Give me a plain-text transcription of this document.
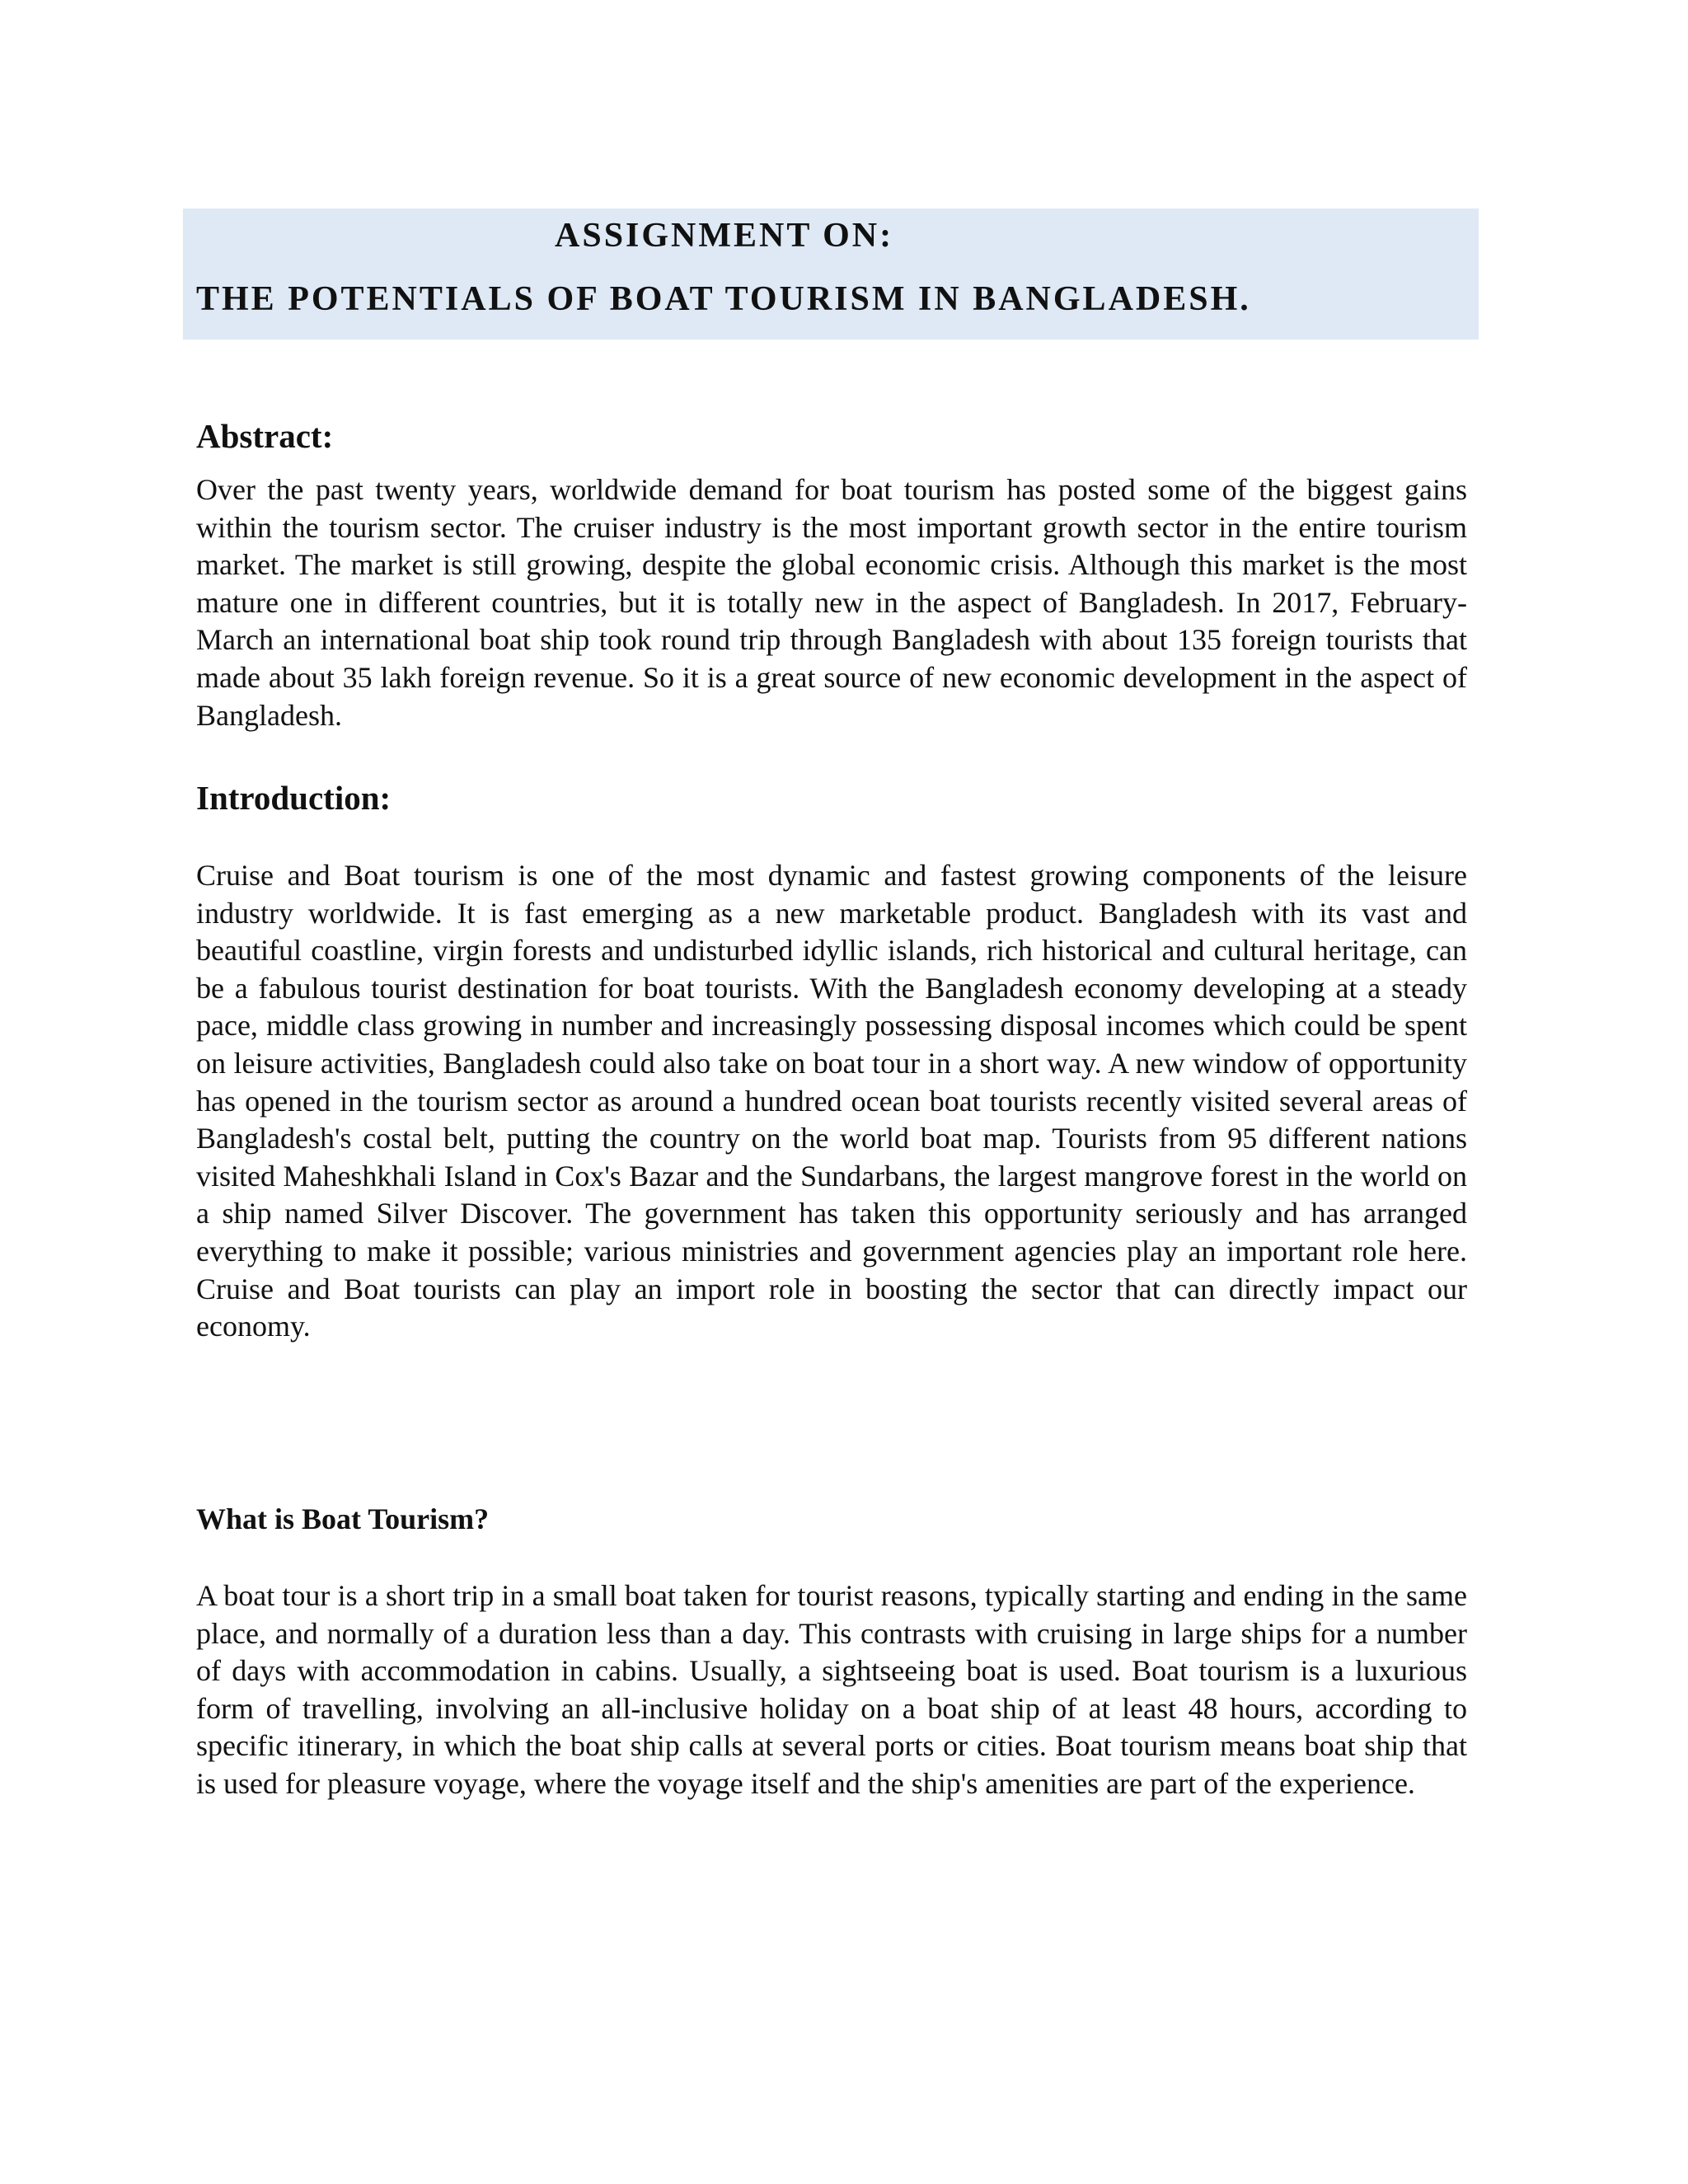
ASSIGNMENT ON:
THE POTENTIALS OF BOAT TOURISM IN BANGLADESH.
Abstract:

Over the past twenty years, worldwide demand for boat tourism has posted some of the biggest gains within the tourism sector. The cruiser industry is the most important growth sector in the entire tourism market. The market is still growing, despite the global economic crisis. Although this market is the most mature one in different countries, but it is totally new in the aspect of Bangladesh. In 2017, February-March an international boat ship took round trip through Bangladesh with about 135 foreign tourists that made about 35 lakh foreign revenue. So it is a great source of new economic development in the aspect of Bangladesh.

Introduction:

Cruise and Boat tourism is one of the most dynamic and fastest growing components of the leisure industry worldwide. It is fast emerging as a new marketable product. Bangladesh with its vast and beautiful coastline, virgin forests and undisturbed idyllic islands, rich historical and cultural heritage, can be a fabulous tourist destination for boat tourists. With the Bangladesh economy developing at a steady pace, middle class growing in number and increasingly possessing disposal incomes which could be spent on leisure activities, Bangladesh could also take on boat tour in a short way. A new window of opportunity has opened in the tourism sector as around a hundred ocean boat tourists recently visited several areas of Bangladesh's costal belt, putting the country on the world boat map. Tourists from 95 different nations visited Maheshkhali Island in Cox's Bazar and the Sundarbans, the largest mangrove forest in the world on a ship named Silver Discover. The government has taken this opportunity seriously and has arranged everything to make it possible; various ministries and government agencies play an important role here. Cruise and Boat tourists can play an import role in boosting the sector that can directly impact our economy.

What is Boat Tourism?

A boat tour is a short trip in a small boat taken for tourist reasons, typically starting and ending in the same place, and normally of a duration less than a day. This contrasts with cruising in large ships for a number of days with accommodation in cabins. Usually, a sightseeing boat is used. Boat tourism is a luxurious form of travelling, involving an all-inclusive holiday on a boat ship of at least 48 hours, according to specific itinerary, in which the boat ship calls at several ports or cities. Boat tourism means boat ship that is used for pleasure voyage, where the voyage itself and the ship's amenities are part of the experience.
